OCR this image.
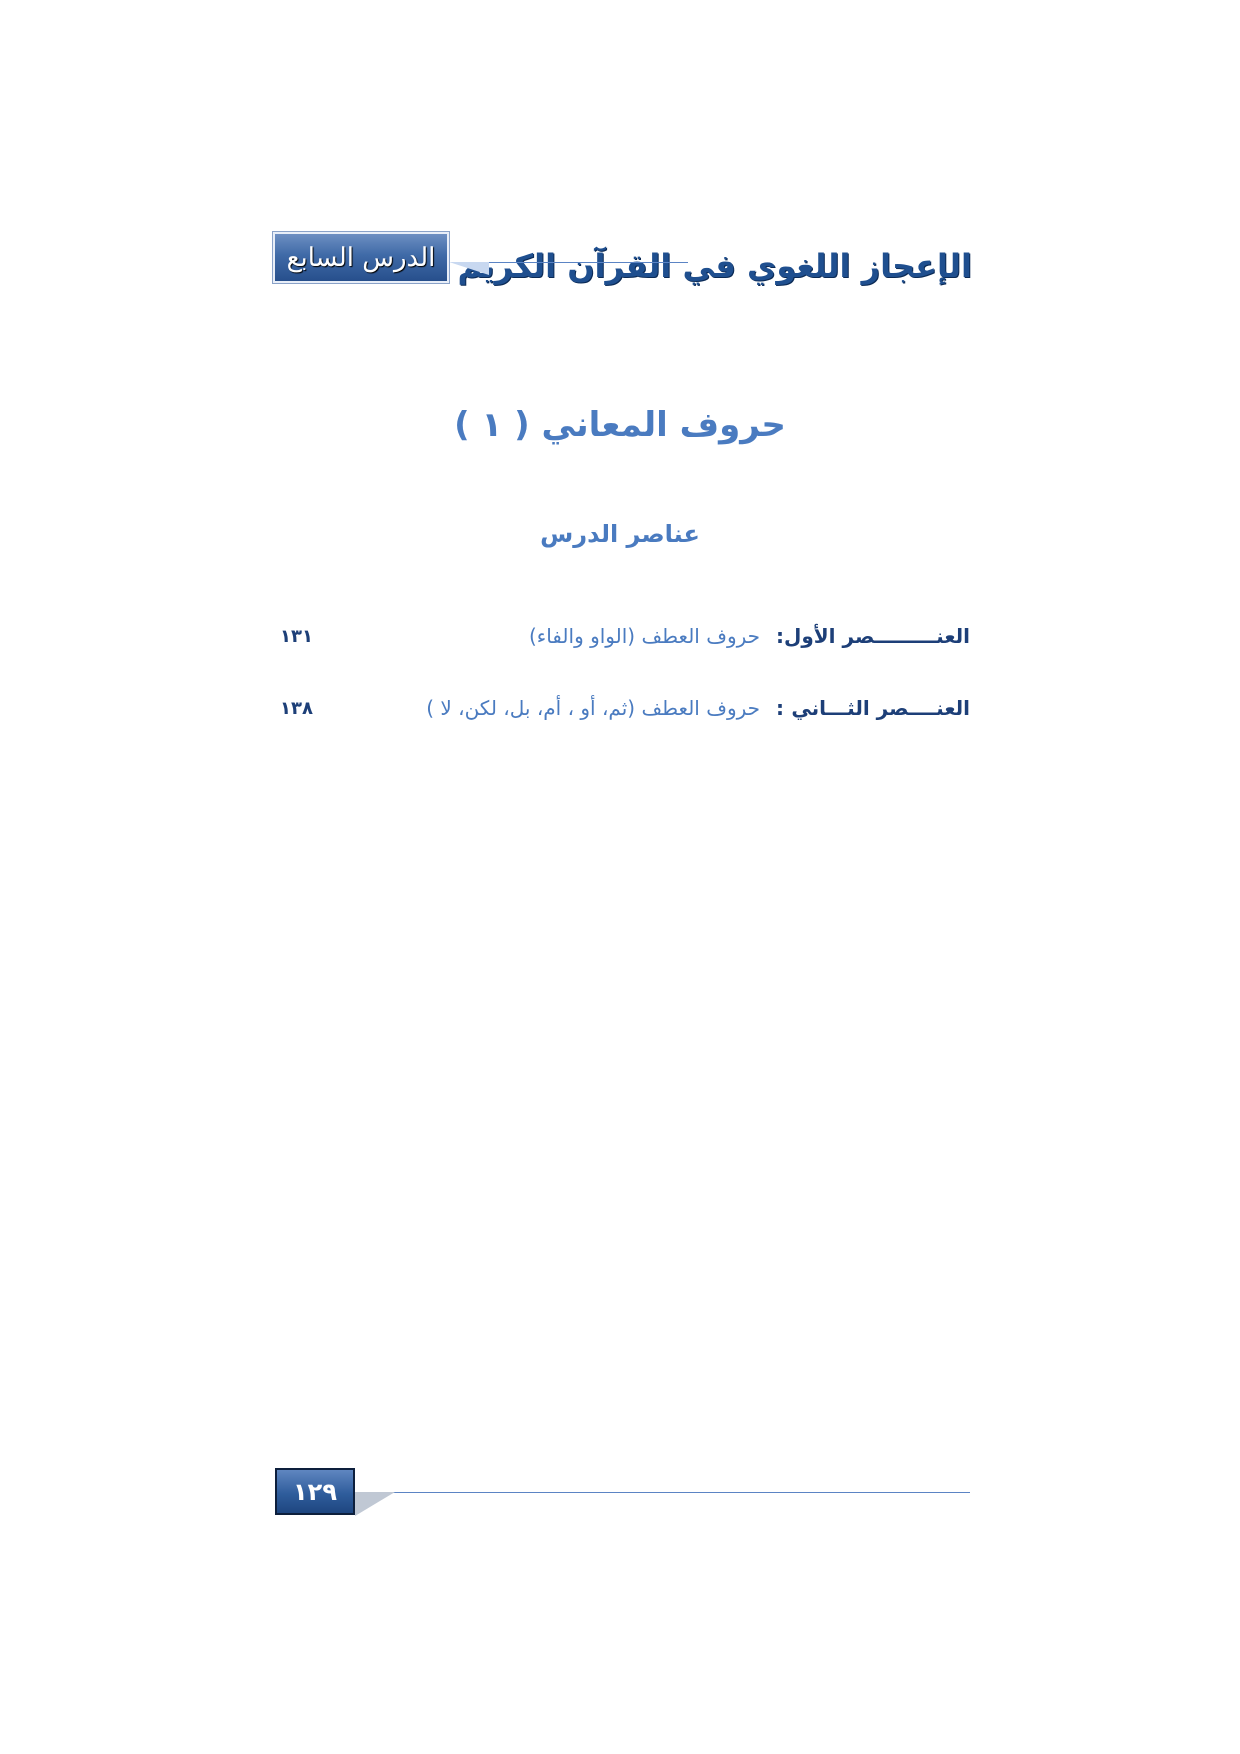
الإعجاز اللغوي في القرآن الكريم
الدرس السابع
حروف المعاني ( ١ )
عناصر الدرس
العنـــــــــصر الأول
:
حروف العطف (الواو والفاء)
١٣١
العنــــصر الثـــاني
:
حروف العطف (ثم، أو ، أم، بل، لكن، لا )
١٣٨
١٢٩
